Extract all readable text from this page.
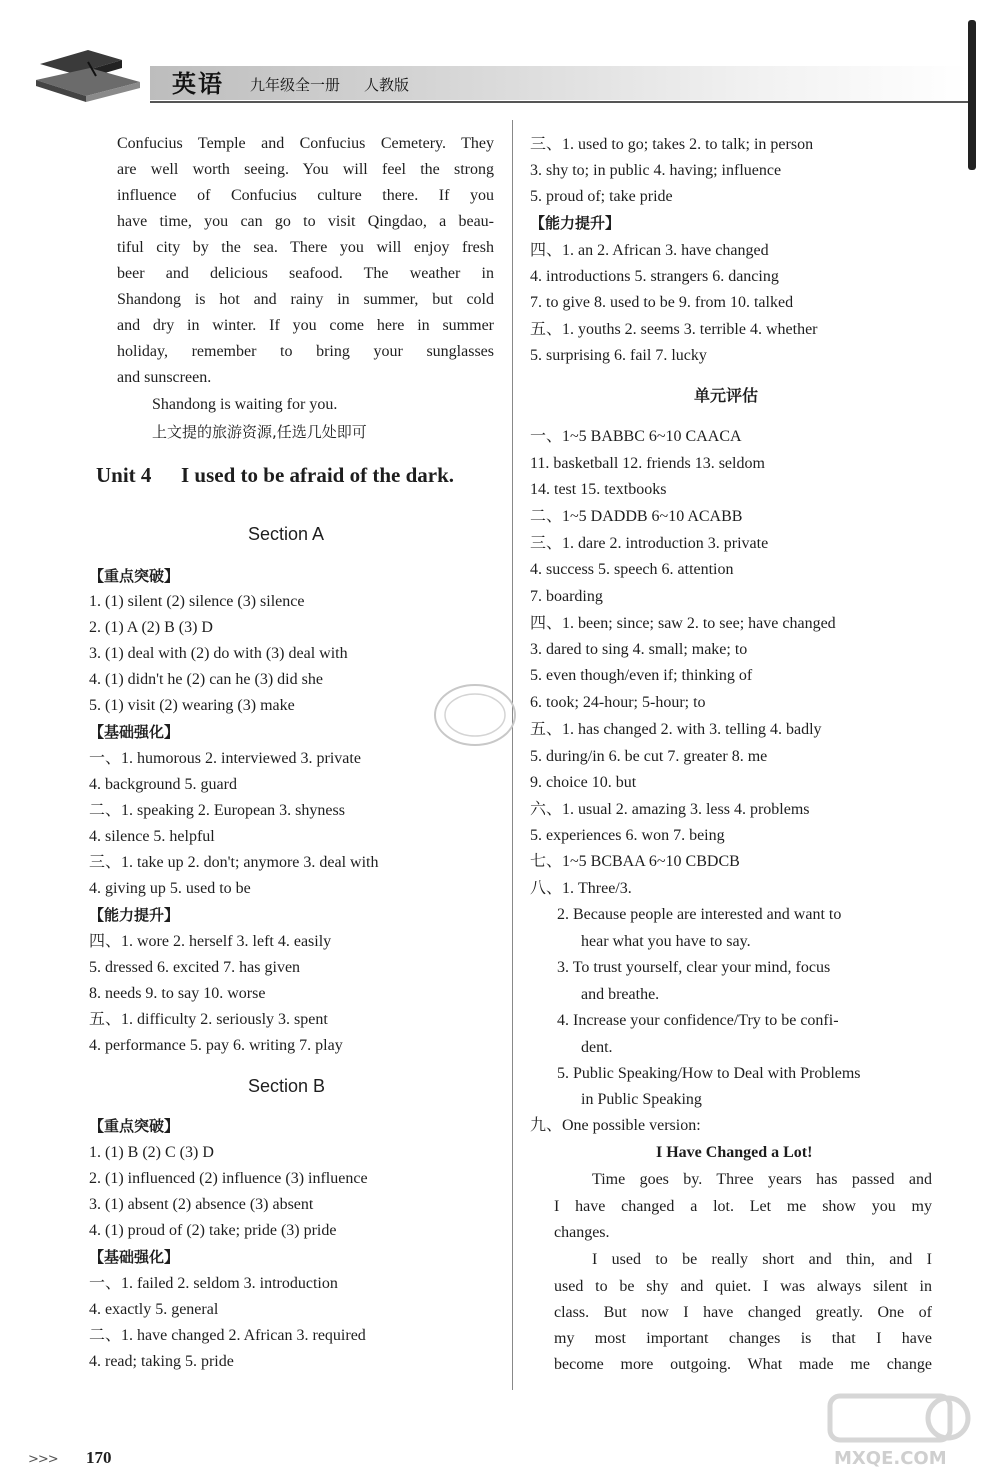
英语 九年级全一册 人教版
Confucius Temple and Confucius Cemetery. They
are well worth seeing. You will feel the strong
influence of Confucius culture there. If you
have time, you can go to visit Qingdao, a beau-
tiful city by the sea. There you will enjoy fresh
beer and delicious seafood. The weather in
Shandong is hot and rainy in summer, but cold
and dry in winter. If you come here in summer
holiday, remember to bring your sunglasses
and sunscreen.
Shandong is waiting for you.
上文提的旅游资源,任选几处即可
Unit 4 I used to be afraid of the dark.
Section A
【重点突破】
1. (1) silent (2) silence (3) silence
2. (1) A (2) B (3) D
3. (1) deal with (2) do with (3) deal with
4. (1) didn't he (2) can he (3) did she
5. (1) visit (2) wearing (3) make
【基础强化】
一、1. humorous 2. interviewed 3. private
4. background 5. guard
二、1. speaking 2. European 3. shyness
4. silence 5. helpful
三、1. take up 2. don't; anymore 3. deal with
4. giving up 5. used to be
【能力提升】
四、1. wore 2. herself 3. left 4. easily
5. dressed 6. excited 7. has given
8. needs 9. to say 10. worse
五、1. difficulty 2. seriously 3. spent
4. performance 5. pay 6. writing 7. play
Section B
【重点突破】
1. (1) B (2) C (3) D
2. (1) influenced (2) influence (3) influence
3. (1) absent (2) absence (3) absent
4. (1) proud of (2) take; pride (3) pride
【基础强化】
一、1. failed 2. seldom 3. introduction
4. exactly 5. general
二、1. have changed 2. African 3. required
4. read; taking 5. pride
三、1. used to go; takes 2. to talk; in person
3. shy to; in public 4. having; influence
5. proud of; take pride
【能力提升】
四、1. an 2. African 3. have changed
4. introductions 5. strangers 6. dancing
7. to give 8. used to be 9. from 10. talked
五、1. youths 2. seems 3. terrible 4. whether
5. surprising 6. fail 7. lucky
单元评估
一、1~5 BABBC 6~10 CAACA
11. basketball 12. friends 13. seldom
14. test 15. textbooks
二、1~5 DADDB 6~10 ACABB
三、1. dare 2. introduction 3. private
4. success 5. speech 6. attention
7. boarding
四、1. been; since; saw 2. to see; have changed
3. dared to sing 4. small; make; to
5. even though/even if; thinking of
6. took; 24-hour; 5-hour; to
五、1. has changed 2. with 3. telling 4. badly
5. during/in 6. be cut 7. greater 8. me
9. choice 10. but
六、1. usual 2. amazing 3. less 4. problems
5. experiences 6. won 7. being
七、1~5 BCBAA 6~10 CBDCB
八、1. Three/3.
2. Because people are interested and want to
hear what you have to say.
3. To trust yourself, clear your mind, focus
and breathe.
4. Increase your confidence/Try to be confi-
dent.
5. Public Speaking/How to Deal with Problems
in Public Speaking
九、One possible version:
I Have Changed a Lot!
Time goes by. Three years has passed and
I have changed a lot. Let me show you my
changes.
I used to be really short and thin, and I
used to be shy and quiet. I was always silent in
class. But now I have changed greatly. One of
my most important changes is that I have
become more outgoing. What made me change
>>> 170	MXQE.COM
